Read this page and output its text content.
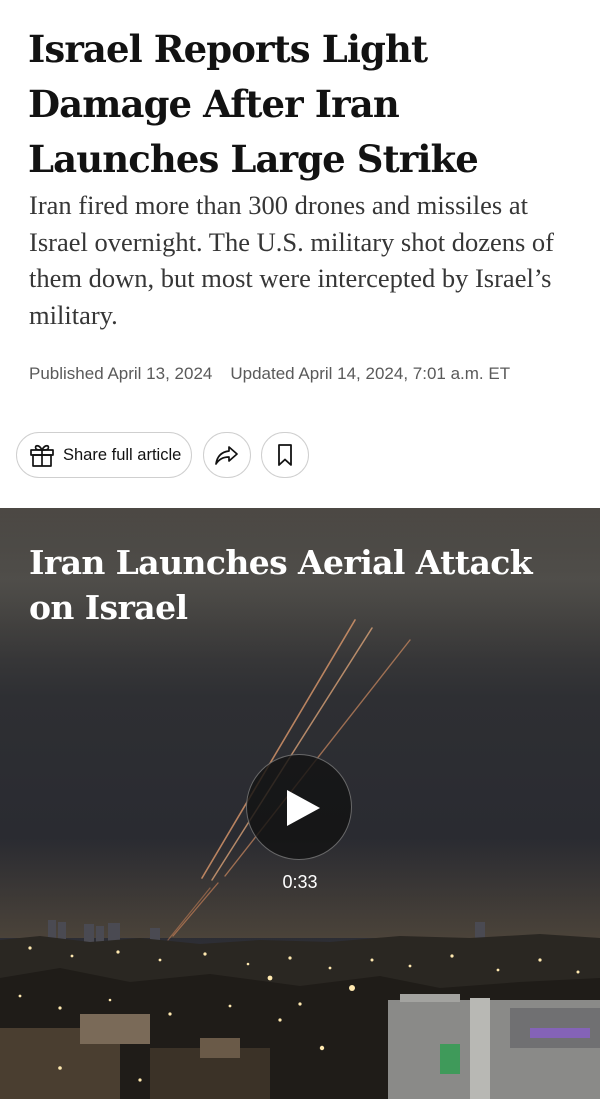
Israel Reports Light Damage After Iran Launches Large Strike

Iran fired more than 300 drones and missiles at Israel overnight. The U.S. military shot dozens of them down, but most were intercepted by Israel’s military.

Published April 13, 2024 Updated April 14, 2024, 7:01 a.m. ET
Share full article
Iran Launches Aerial Attack on Israel
0:33
